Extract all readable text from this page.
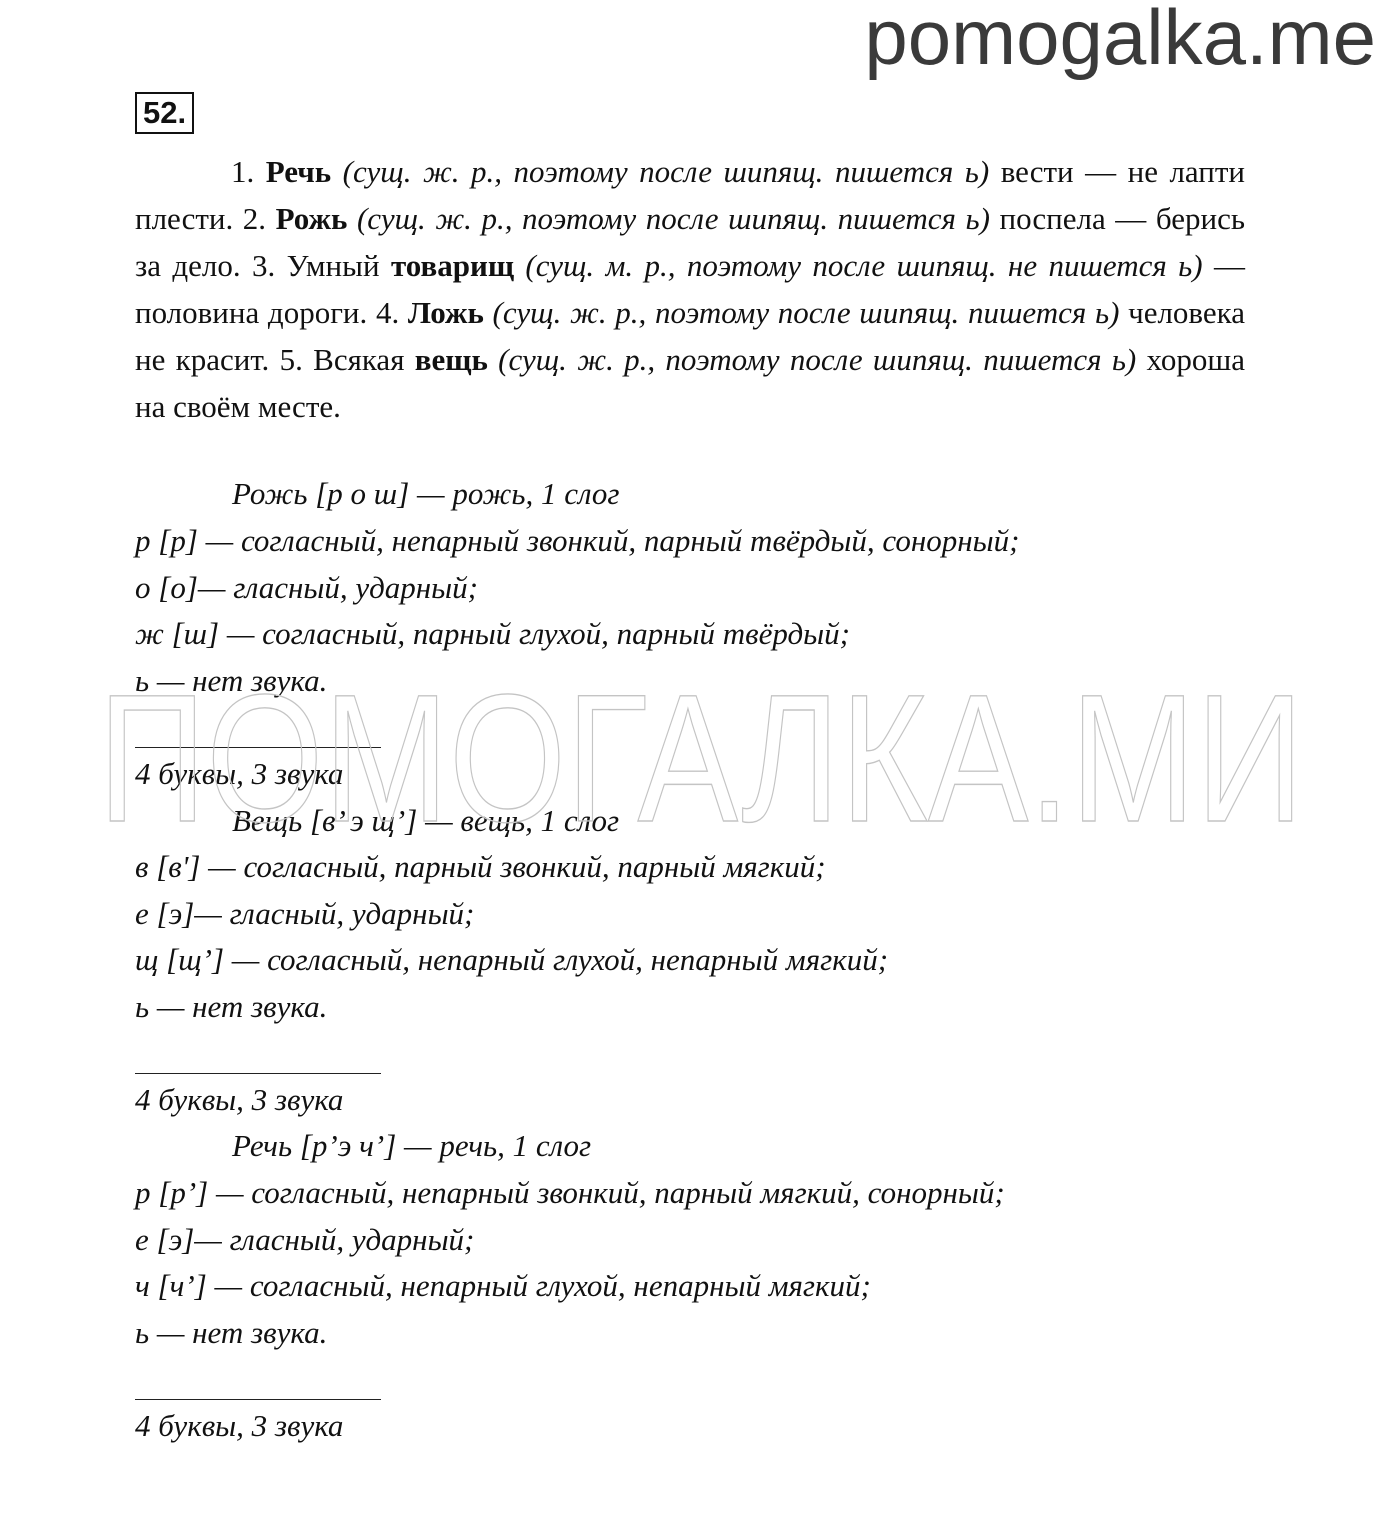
pomogalka.me
52.
1. Речь (сущ. ж. р., поэтому после шипящ. пишется ь) вести — не лапти плести. 2. Рожь (сущ. ж. р., поэтому после шипящ. пишется ь) поспела — берись за дело. 3. Умный товарищ (сущ. м. р., поэтому после шипящ. не пишется ь) — половина дороги. 4. Ложь (сущ. ж. р., поэтому после шипящ. пишется ь) человека не красит. 5. Всякая вещь (сущ. ж. р., поэтому после шипящ. пишется ь) хороша на своём месте.
Рожь [р о ш] — рожь, 1 слог
р [р] — согласный, непарный звонкий, парный твёрдый, сонорный;
о [о]— гласный, ударный;
ж [ш] — согласный, парный глухой, парный твёрдый;
ь — нет звука.
4 буквы, 3 звука
Вещь [в’ э щ’] — вещь, 1 слог
в [в'] — согласный, парный звонкий, парный мягкий;
е [э]— гласный, ударный;
щ [щ’] — согласный, непарный глухой, непарный мягкий;
ь — нет звука.
4 буквы, 3 звука
Речь [р’э ч’] — речь, 1 слог
р [р’] — согласный, непарный звонкий, парный мягкий, сонорный;
е [э]— гласный, ударный;
ч [ч’] — согласный, непарный глухой, непарный мягкий;
ь — нет звука.
4 буквы, 3 звука
ПОМОГАЛКА.МИ
